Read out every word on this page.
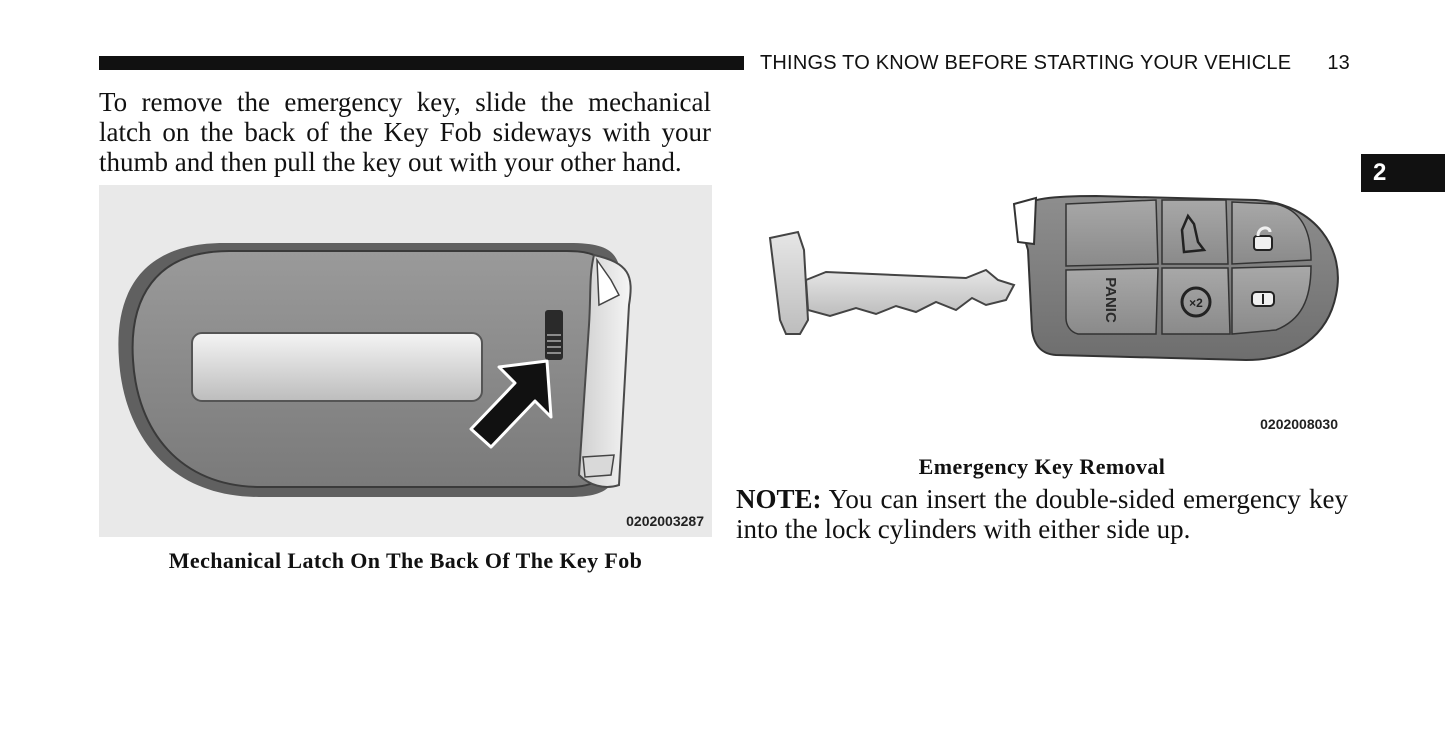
THINGS TO KNOW BEFORE STARTING YOUR VEHICLE 13
2

To remove the emergency key, slide the mechanical latch on the back of the Key Fob sideways with your thumb and then pull the key out with your other hand.

0202003287
Mechanical Latch On The Back Of The Key Fob
PANIC	×2
0202008030
Emergency Key Removal

NOTE: You can insert the double-sided emergency key into the lock cylinders with either side up.
